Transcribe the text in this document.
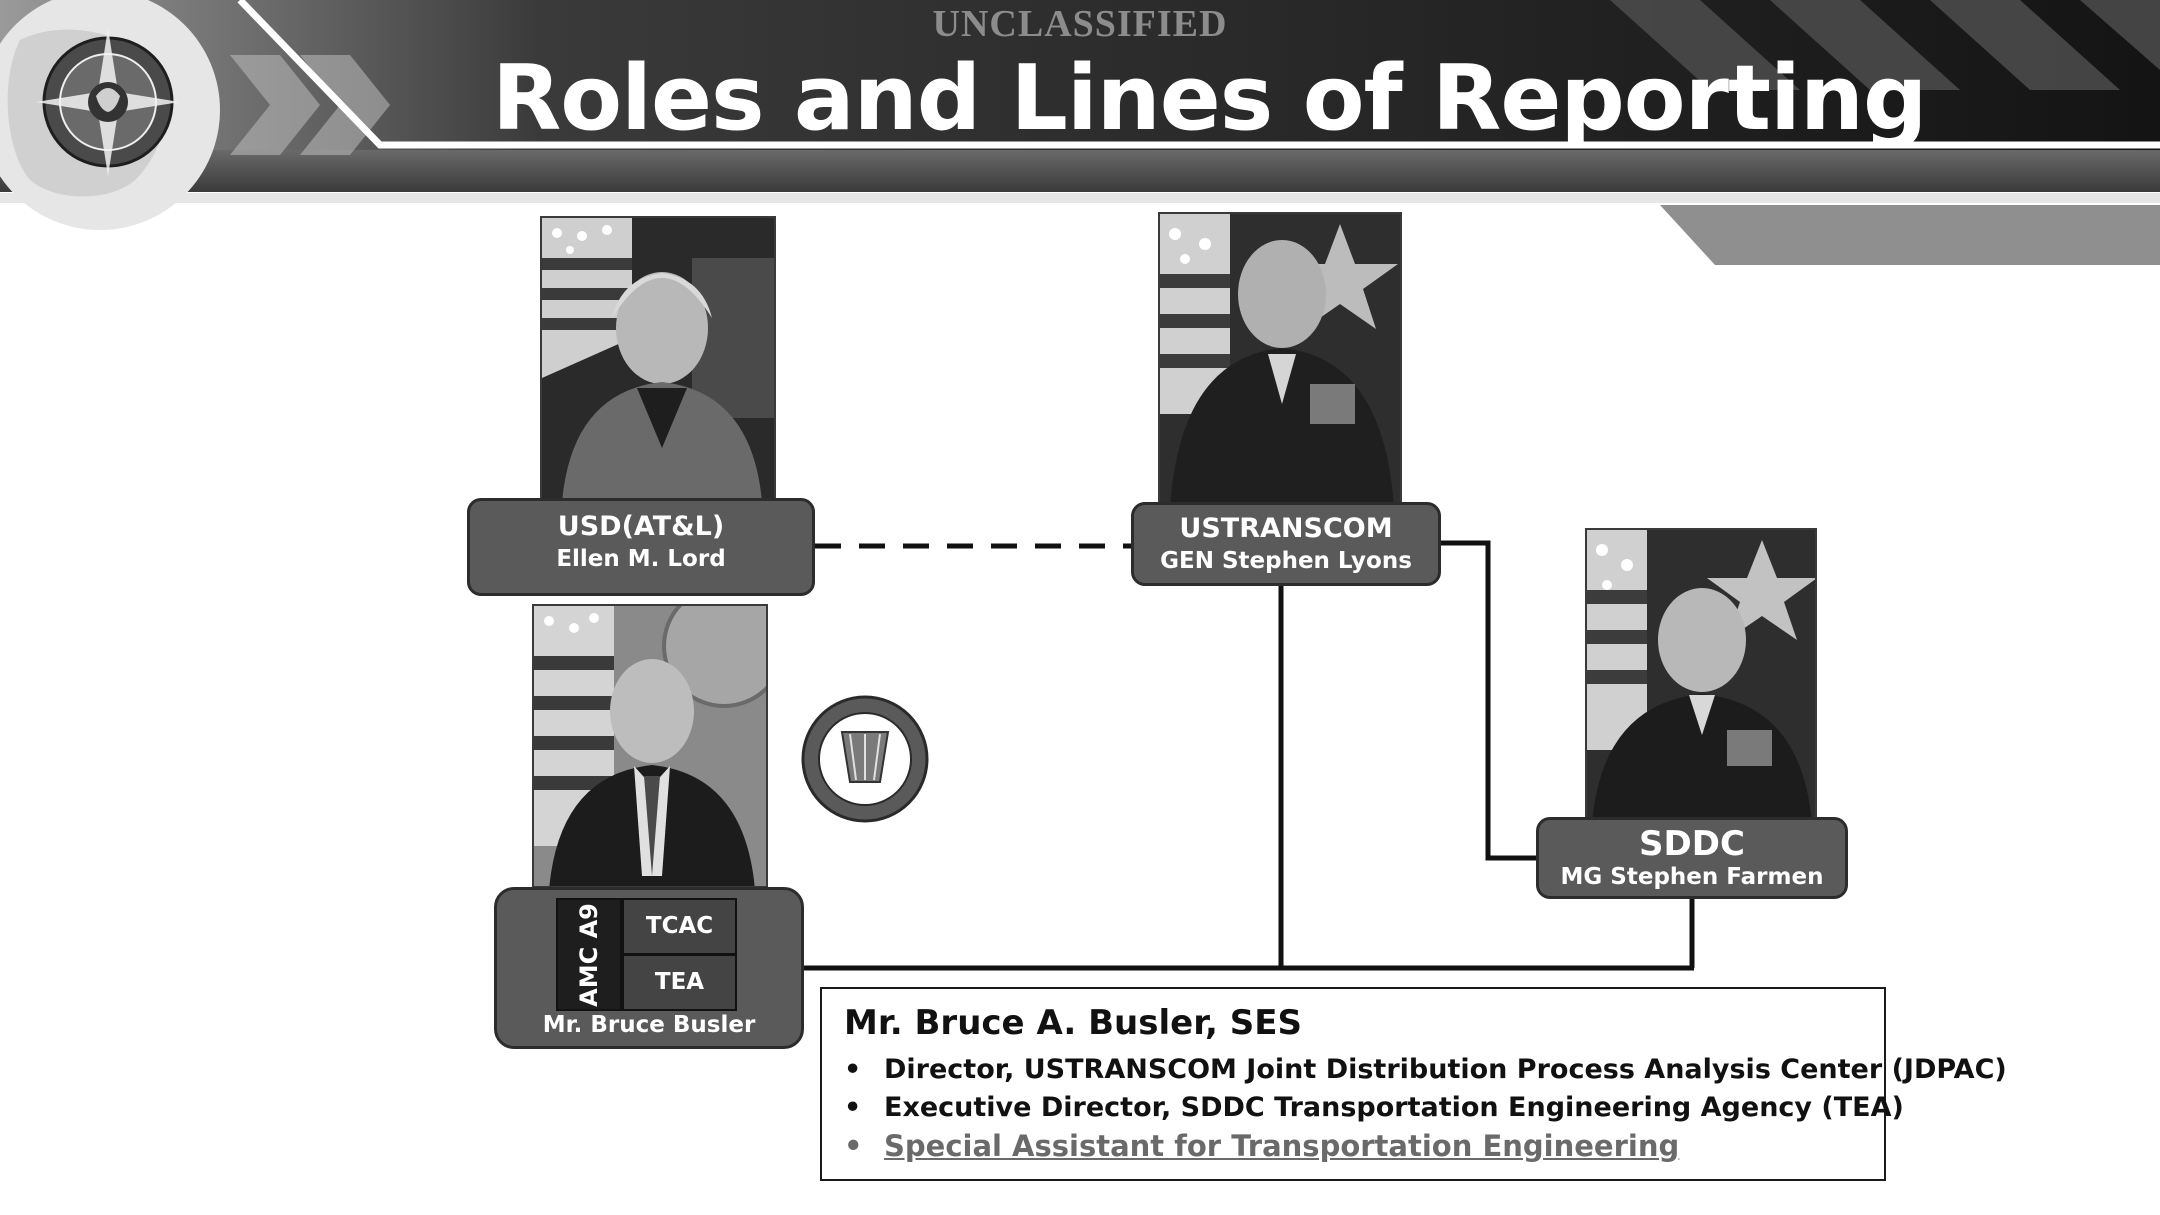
UNCLASSIFIED
Roles and Lines of Reporting
USD(AT&L)
Ellen M. Lord
USTRANSCOM
GEN Stephen Lyons
SDDC
MG Stephen Farmen
AMC A9	TCAC
TEA
Mr. Bruce Busler	Mr. Bruce A. Busler, SES
• Director, USTRANSCOM Joint Distribution Process Analysis Center (JDPAC)
• Executive Director, SDDC Transportation Engineering Agency (TEA)
• Special Assistant for Transportation Engineering
